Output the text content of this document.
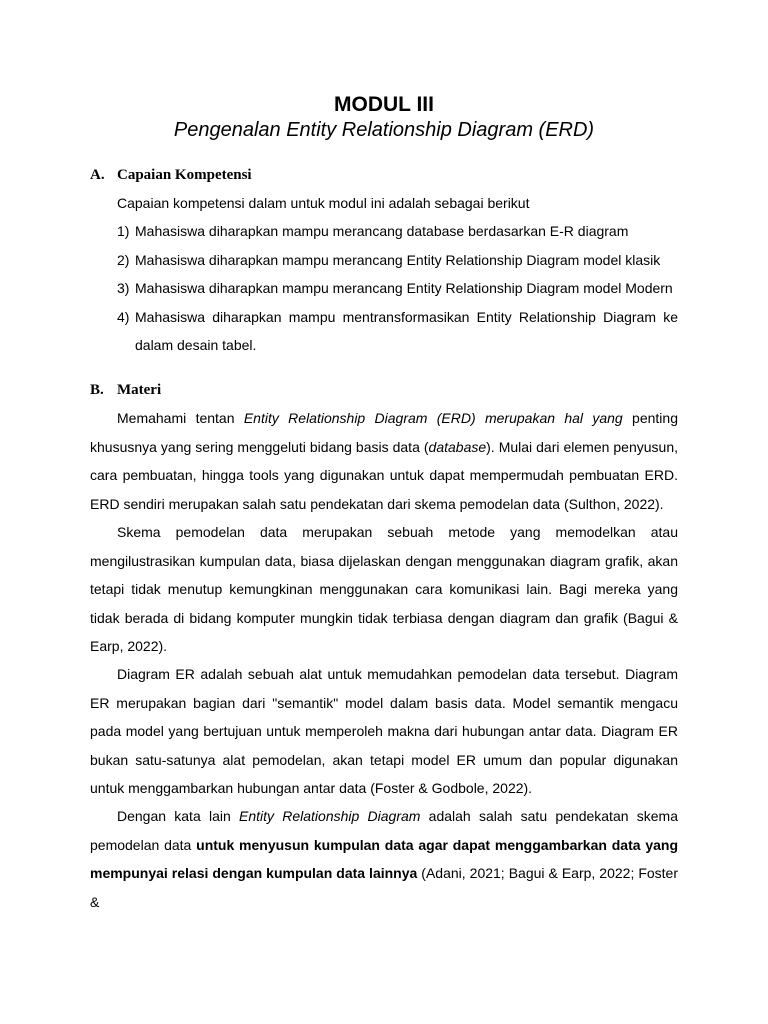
MODUL III
Pengenalan Entity Relationship Diagram (ERD)
A. Capaian Kompetensi
Capaian kompetensi dalam untuk modul ini adalah sebagai berikut
1) Mahasiswa diharapkan mampu merancang database berdasarkan E-R diagram
2) Mahasiswa diharapkan mampu merancang Entity Relationship Diagram model klasik
3) Mahasiswa diharapkan mampu merancang Entity Relationship Diagram model Modern
4) Mahasiswa diharapkan mampu mentransformasikan Entity Relationship Diagram ke
dalam desain tabel.
B. Materi
Memahami tentan Entity Relationship Diagram (ERD) merupakan hal yang penting khususnya yang sering menggeluti bidang basis data (database). Mulai dari elemen penyusun, cara pembuatan, hingga tools yang digunakan untuk dapat mempermudah pembuatan ERD. ERD sendiri merupakan salah satu pendekatan dari skema pemodelan data (Sulthon, 2022).
Skema pemodelan data merupakan sebuah metode yang memodelkan atau mengilustrasikan kumpulan data, biasa dijelaskan dengan menggunakan diagram grafik, akan tetapi tidak menutup kemungkinan menggunakan cara komunikasi lain. Bagi mereka yang tidak berada di bidang komputer mungkin tidak terbiasa dengan diagram dan grafik (Bagui & Earp, 2022).
Diagram ER adalah sebuah alat untuk memudahkan pemodelan data tersebut. Diagram ER merupakan bagian dari "semantik" model dalam basis data. Model semantik mengacu pada model yang bertujuan untuk memperoleh makna dari hubungan antar data. Diagram ER bukan satu-satunya alat pemodelan, akan tetapi model ER umum dan popular digunakan untuk menggambarkan hubungan antar data (Foster & Godbole, 2022).
Dengan kata lain Entity Relationship Diagram adalah salah satu pendekatan skema pemodelan data untuk menyusun kumpulan data agar dapat menggambarkan data yang mempunyai relasi dengan kumpulan data lainnya (Adani, 2021; Bagui & Earp, 2022; Foster &
